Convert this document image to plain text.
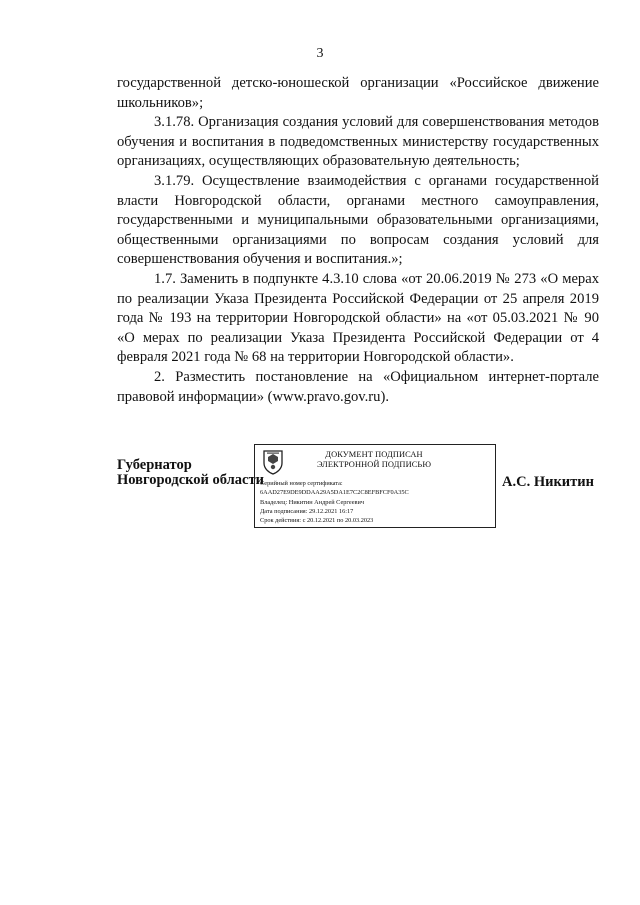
3

государственной детско-юношеской организации «Российское движение школьников»;

3.1.78. Организация создания условий для совершенствования методов обучения и воспитания в подведомственных министерству государственных организациях, осуществляющих образовательную деятельность;

3.1.79. Осуществление взаимодействия с органами государственной власти Новгородской области, органами местного самоуправления, государственными и муниципальными образовательными организациями, общественными организациями по вопросам создания условий для совершенствования обучения и воспитания.»;

1.7. Заменить в подпункте 4.3.10 слова «от 20.06.2019 № 273 «О мерах по реализации Указа Президента Российской Федерации от 25 апреля 2019 года № 193 на территории Новгородской области» на «от 05.03.2021 № 90 «О мерах по реализации Указа Президента Российской Федерации от 4 февраля 2021 года № 68 на территории Новгородской области».

2. Разместить постановление на «Официальном интернет-портале правовой информации» (www.pravo.gov.ru).

Губернатор
Новгородской области
ДОКУМЕНТ ПОДПИСАН
ЭЛЕКТРОННОЙ ПОДПИСЬЮ
Серийный номер сертификата:
6AAD27E9DE9DDAA29A5DA1E7C2C8EFBFCF0A35C
Владелец: Никитин Андрей Сергеевич
Дата подписания: 29.12.2021 16:17
Срок действия: с 20.12.2021 по 20.03.2023
А.С. Никитин
